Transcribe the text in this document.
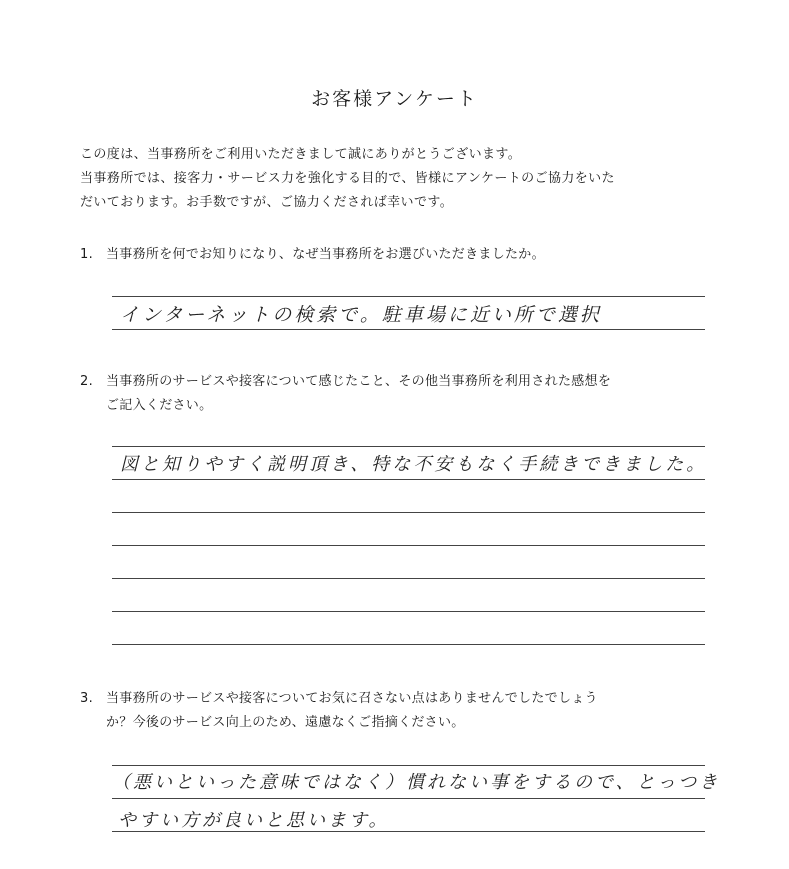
お客様アンケート
この度は、当事務所をご利用いただきまして誠にありがとうございます。
当事務所では、接客力・サービス力を強化する目的で、皆様にアンケートのご協力をいた
だいております。お手数ですが、ご協力くだされば幸いです。
1. 当事務所を何でお知りになり、なぜ当事務所をお選びいただきましたか。
インターネットの検索で。駐車場に近い所で選択
2. 当事務所のサービスや接客について感じたこと、その他当事務所を利用された感想を
ご記入ください。
図と知りやすく説明頂き、特な不安もなく手続きできました。
3. 当事務所のサービスや接客についてお気に召さない点はありませんでしたでしょう
か？今後のサービス向上のため、遠慮なくご指摘ください。
（悪いといった意味ではなく）慣れない事をするので、とっつき
やすい方が良いと思います。
